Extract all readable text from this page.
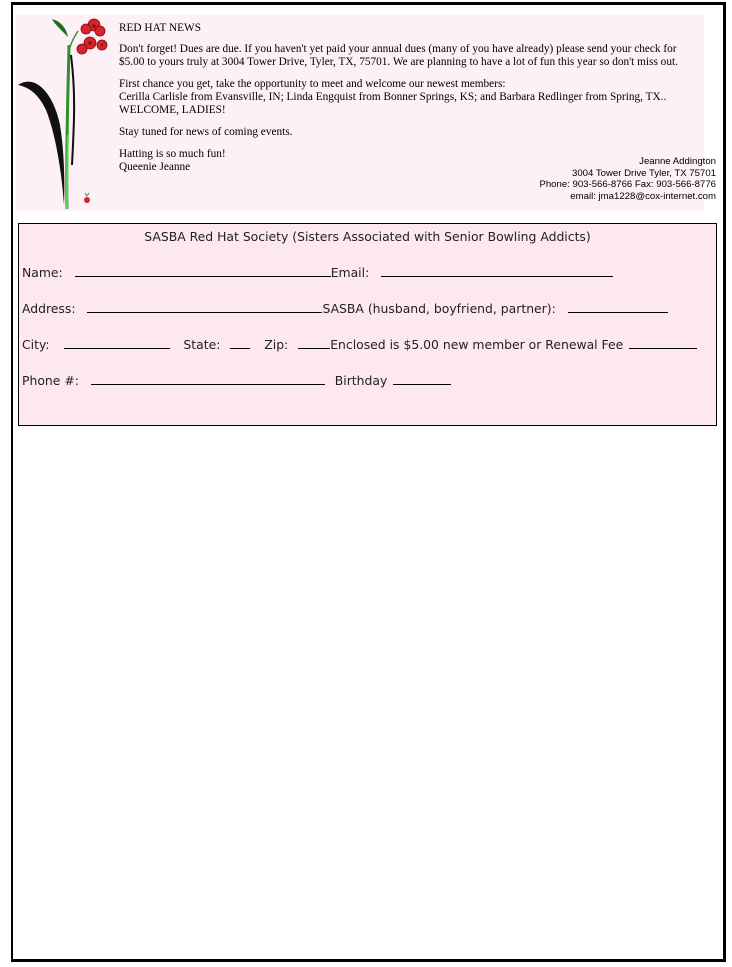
RED HAT NEWS

Don't forget! Dues are due. If you haven't yet paid your annual dues (many of you have already) please send your check for $5.00 to yours truly at 3004 Tower Drive, Tyler, TX, 75701. We are planning to have a lot of fun this year so don't miss out.

First chance you get, take the opportunity to meet and welcome our newest members:
Cerilla Carlisle from Evansville, IN; Linda Engquist from Bonner Springs, KS; and Barbara Redlinger from Spring, TX.. WELCOME, LADIES!

Stay tuned for news of coming events.

Hatting is so much fun!
Queenie Jeanne	Jeanne Addington
3004 Tower Drive Tyler, TX 75701
Phone: 903-566-8766 Fax: 903-566-8776
email: jma1228@cox-internet.com
SASBA Red Hat Society (Sisters Associated with Senior Bowling Addicts)
Name:	Email:
Address:	SASBA (husband, boyfriend, partner):
City:	State:	Zip:	Enclosed is $5.00 new member or Renewal Fee
Phone #:	Birthday
